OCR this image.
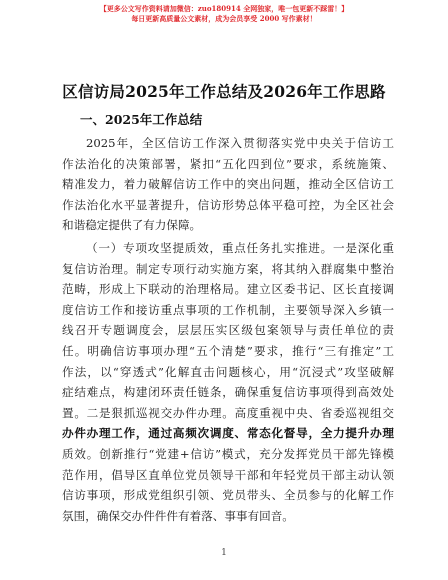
【更多公文写作资料请加微信：zuo180914 全网独家，唯一包更新不踩雷！】
每日更新高质量公文素材，成为会员享受 2000 写作素材！
区信访局2025年工作总结及2026年工作思路
一、2025年工作总结
2025年，全区信访工作深入贯彻落实党中央关于信访工
作法治化的决策部署，紧扣“五化四到位”要求，系统施策、
精准发力，着力破解信访工作中的突出问题，推动全区信访工
作法治化水平显著提升，信访形势总体平稳可控，为全区社会
和谐稳定提供了有力保障。
（一）专项攻坚提质效，重点任务扎实推进。一是深化重
复信访治理。制定专项行动实施方案，将其纳入群腐集中整治
范畴，形成上下联动的治理格局。建立区委书记、区长直接调
度信访工作和接访重点事项的工作机制，主要领导深入乡镇一
线召开专题调度会，层层压实区级包案领导与责任单位的责
任。明确信访事项办理“五个清楚”要求，推行“三有推定”工
作法，以“穿透式”化解直击问题核心，用“沉浸式”攻坚破解
症结难点，构建闭环责任链条，确保重复信访事项得到高效处
置。二是狠抓巡视交办件办理。高度重视中央、省委巡视组交
办件办理工作，通过高频次调度、常态化督导，全力提升办理
质效。创新推行“党建+信访”模式，充分发挥党员干部先锋模
范作用，倡导区直单位党员领导干部和年轻党员干部主动认领
信访事项，形成党组织引领、党员带头、全员参与的化解工作
氛围，确保交办件件件有着落、事事有回音。
1
